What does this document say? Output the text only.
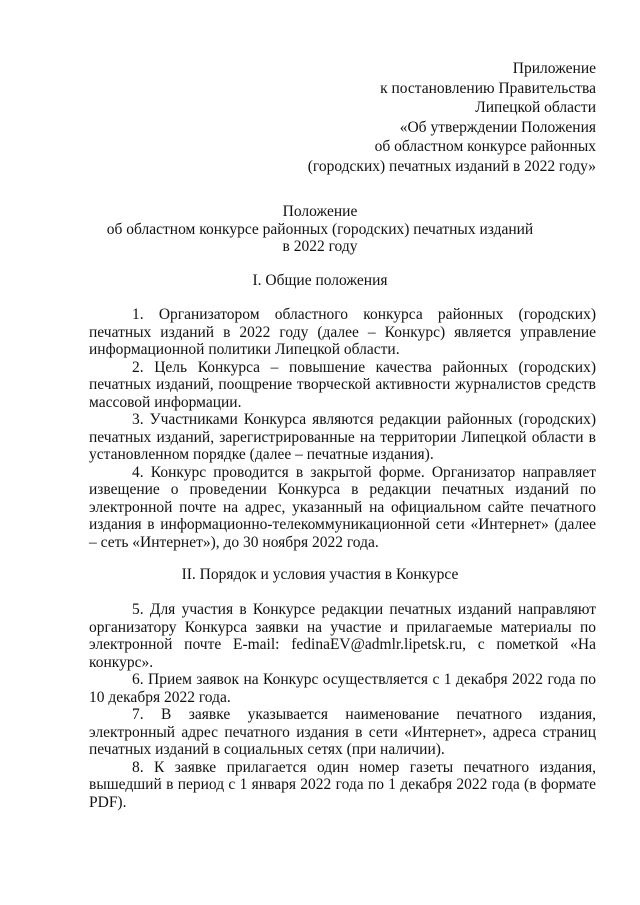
Приложение
к постановлению Правительства
Липецкой области
«Об утверждении Положения
об областном конкурсе районных
(городских) печатных изданий в 2022 году»
Положение
об областном конкурсе районных (городских) печатных изданий
в 2022 году
I. Общие положения

1. Организатором областного конкурса районных (городских) печатных изданий в 2022 году (далее – Конкурс) является управление информационной политики Липецкой области.

2. Цель Конкурса – повышение качества районных (городских) печатных изданий, поощрение творческой активности журналистов средств массовой информации.

3. Участниками Конкурса являются редакции районных (городских) печатных изданий, зарегистрированные на территории Липецкой области в установленном порядке (далее – печатные издания).

4. Конкурс проводится в закрытой форме. Организатор направляет извещение о проведении Конкурса в редакции печатных изданий по электронной почте на адрес, указанный на официальном сайте печатного издания в информационно-телекоммуникационной сети «Интернет» (далее – сеть «Интернет»), до 30 ноября 2022 года.

II. Порядок и условия участия в Конкурсе

5. Для участия в Конкурсе редакции печатных изданий направляют организатору Конкурса заявки на участие и прилагаемые материалы по электронной почте E-mail: fedinaEV@admlr.lipetsk.ru, с пометкой «На конкурс».

6. Прием заявок на Конкурс осуществляется с 1 декабря 2022 года по 10 декабря 2022 года.

7. В заявке указывается наименование печатного издания, электронный адрес печатного издания в сети «Интернет», адреса страниц печатных изданий в социальных сетях (при наличии).

8. К заявке прилагается один номер газеты печатного издания, вышедший в период с 1 января 2022 года по 1 декабря 2022 года (в формате PDF).
